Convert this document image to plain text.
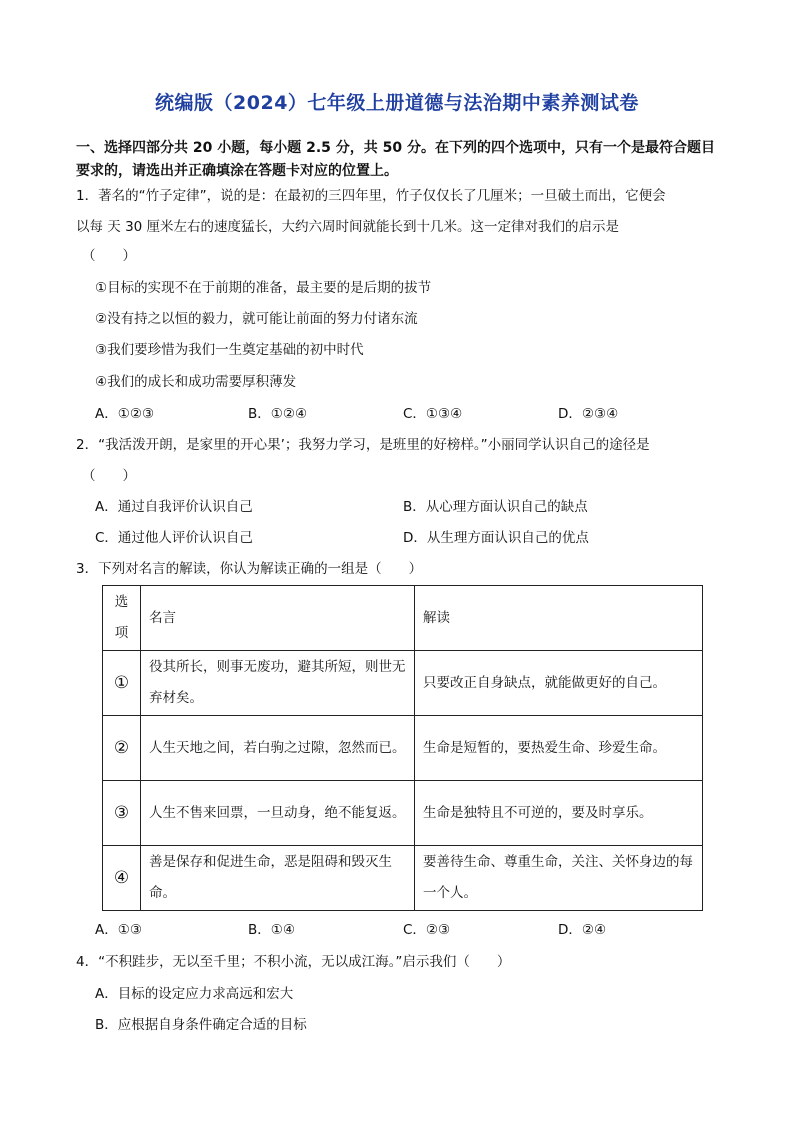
统编版（2024）七年级上册道德与法治期中素养测试卷
一、选择四部分共 20 小题，每小题 2.5 分，共 50 分。在下列的四个选项中，只有一个是最符合题目要求的，请选出并正确填涂在答题卡对应的位置上。
1．著名的“竹子定律”，说的是：在最初的三四年里，竹子仅仅长了几厘米；一旦破土而出，它便会
以每 天 30 厘米左右的速度猛长，大约六周时间就能长到十几米。这一定律对我们的启示是
（　　）
①目标的实现不在于前期的准备，最主要的是后期的拔节
②没有持之以恒的毅力，就可能让前面的努力付诸东流
③我们要珍惜为我们一生奠定基础的初中时代
④我们的成长和成功需要厚积薄发
A．①②③	B．①②④	C．①③④	D．②③④
2．“我活泼开朗，是家里的开心果’；我努力学习，是班里的好榜样。”小丽同学认识自己的途径是
（　　）
A．通过自我评价认识自己	B．从心理方面认识自己的缺点
C．通过他人评价认识自己	D．从生理方面认识自己的优点
3．下列对名言的解读，你认为解读正确的一组是（　　）
选项	名言	解读
①	役其所长，则事无废功，避其所短，则世无弃材矣。	只要改正自身缺点，就能做更好的自己。
②	人生天地之间，若白驹之过隙，忽然而已。	生命是短暂的，要热爱生命、珍爱生命。
③	人生不售来回票，一旦动身，绝不能复返。	生命是独特且不可逆的，要及时享乐。
④	善是保存和促进生命，恶是阻碍和毁灭生命。	要善待生命、尊重生命，关注、关怀身边的每一个人。
A．①③	B．①④	C．②③	D．②④
4．“不积跬步，无以至千里；不积小流，无以成江海。”启示我们（　　）
A．目标的设定应力求高远和宏大
B．应根据自身条件确定合适的目标
